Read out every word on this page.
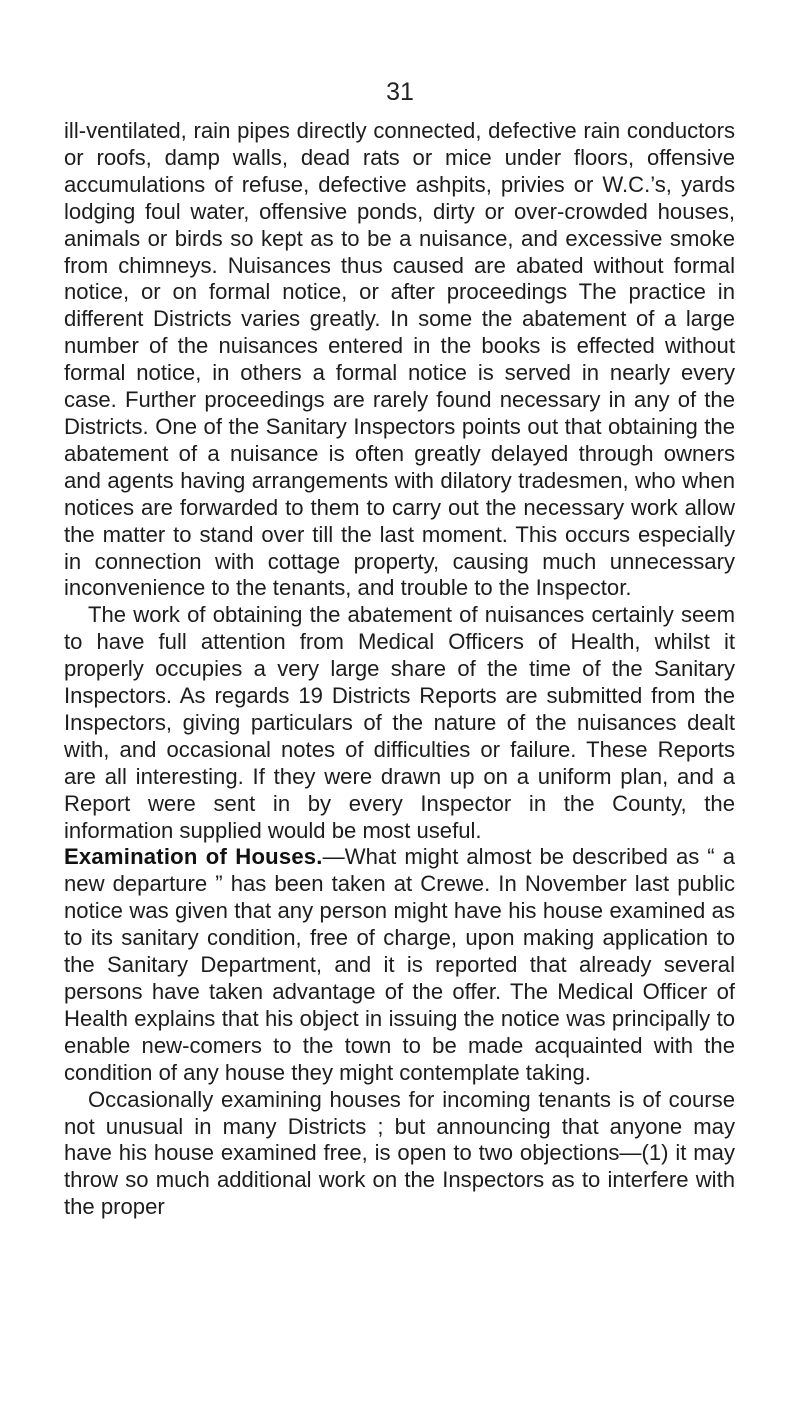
31

ill-ventilated, rain pipes directly connected, defective rain conductors or roofs, damp walls, dead rats or mice under floors, offensive accumulations of refuse, defective ashpits, privies or W.C.’s, yards lodging foul water, offensive ponds, dirty or over-crowded houses, animals or birds so kept as to be a nuisance, and excessive smoke from chimneys. Nuisances thus caused are abated without formal notice, or on formal notice, or after proceedings The practice in different Districts varies greatly. In some the abatement of a large number of the nuisances entered in the books is effected without formal notice, in others a formal notice is served in nearly every case. Further proceedings are rarely found necessary in any of the Districts. One of the Sanitary Inspectors points out that obtaining the abatement of a nuisance is often greatly delayed through owners and agents having arrangements with dilatory tradesmen, who when notices are forwarded to them to carry out the necessary work allow the matter to stand over till the last moment. This occurs especially in connection with cottage property, causing much unnecessary inconvenience to the tenants, and trouble to the Inspector.

The work of obtaining the abatement of nuisances certainly seem to have full attention from Medical Officers of Health, whilst it properly occupies a very large share of the time of the Sanitary Inspectors. As regards 19 Districts Reports are submitted from the Inspectors, giving particulars of the nature of the nuisances dealt with, and occasional notes of difficulties or failure. These Reports are all interesting. If they were drawn up on a uniform plan, and a Report were sent in by every Inspector in the County, the information supplied would be most useful.

Examination of Houses.—What might almost be described as “ a new departure ” has been taken at Crewe. In November last public notice was given that any person might have his house examined as to its sanitary condition, free of charge, upon making application to the Sanitary Department, and it is reported that already several persons have taken advantage of the offer. The Medical Officer of Health explains that his object in issuing the notice was principally to enable new-comers to the town to be made acquainted with the condition of any house they might contemplate taking.

Occasionally examining houses for incoming tenants is of course not unusual in many Districts ; but announcing that anyone may have his house examined free, is open to two objections—(1) it may throw so much additional work on the Inspectors as to interfere with the proper
